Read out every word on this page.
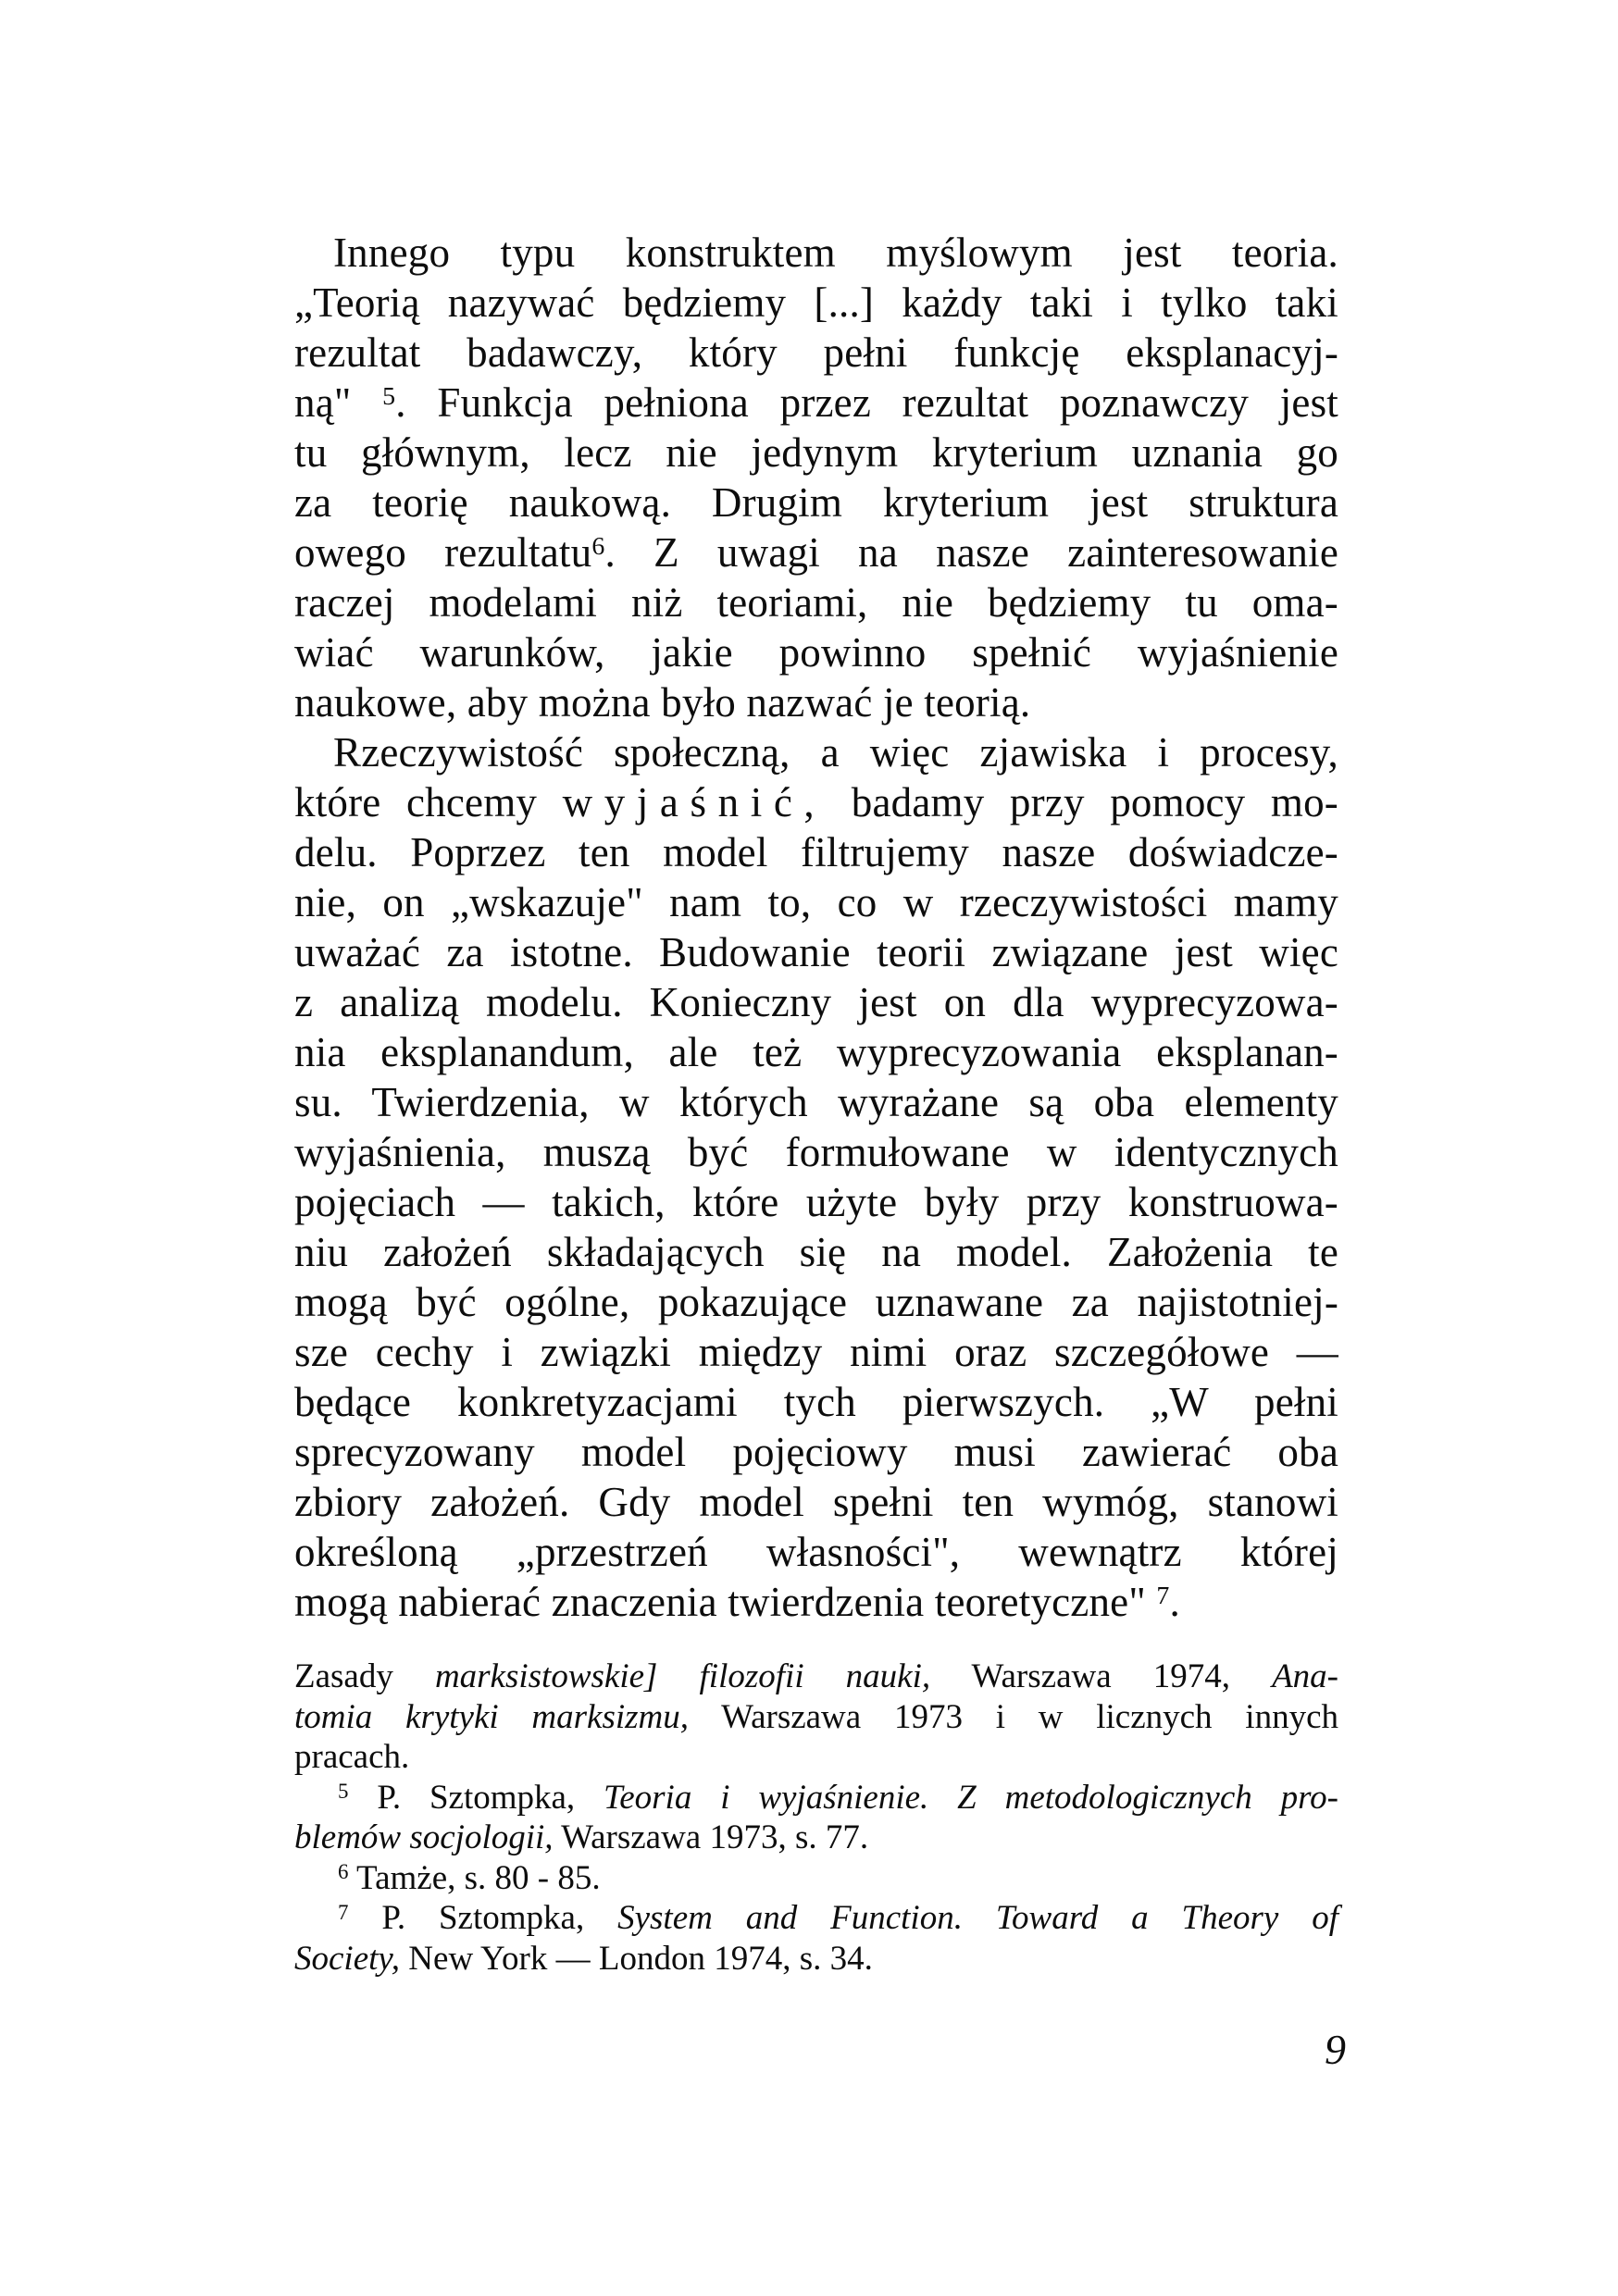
Innego typu konstruktem myślowym jest teoria.
„Teorią nazywać będziemy [...] każdy taki i tylko taki
rezultat badawczy, który pełni funkcję eksplanacyj-
ną" 5. Funkcja pełniona przez rezultat poznawczy jest
tu głównym, lecz nie jedynym kryterium uznania go
za teorię naukową. Drugim kryterium jest struktura
owego rezultatu6. Z uwagi na nasze zainteresowanie
raczej modelami niż teoriami, nie będziemy tu oma-
wiać warunków, jakie powinno spełnić wyjaśnienie
naukowe, aby można było nazwać je teorią.
Rzeczywistość społeczną, a więc zjawiska i procesy,
które chcemy wyjaśnić, badamy przy pomocy mo-
delu. Poprzez ten model filtrujemy nasze doświadcze-
nie, on „wskazuje" nam to, co w rzeczywistości mamy
uważać za istotne. Budowanie teorii związane jest więc
z analizą modelu. Konieczny jest on dla wyprecyzowa-
nia eksplanandum, ale też wyprecyzowania eksplanan-
su. Twierdzenia, w których wyrażane są oba elementy
wyjaśnienia, muszą być formułowane w identycznych
pojęciach — takich, które użyte były przy konstruowa-
niu założeń składających się na model. Założenia te
mogą być ogólne, pokazujące uznawane za najistotniej-
sze cechy i związki między nimi oraz szczegółowe —
będące konkretyzacjami tych pierwszych. „W pełni
sprecyzowany model pojęciowy musi zawierać oba
zbiory założeń. Gdy model spełni ten wymóg, stanowi
określoną „przestrzeń własności", wewnątrz której
mogą nabierać znaczenia twierdzenia teoretyczne" 7.
Zasady marksistowskie] filozofii nauki, Warszawa 1974, Ana-
tomia krytyki marksizmu, Warszawa 1973 i w licznych innych
pracach.
5 P. Sztompka, Teoria i wyjaśnienie. Z metodologicznych pro-
blemów socjologii, Warszawa 1973, s. 77.
6 Tamże, s. 80 - 85.
7 P. Sztompka, System and Function. Toward a Theory of
Society, New York — London 1974, s. 34.
9
